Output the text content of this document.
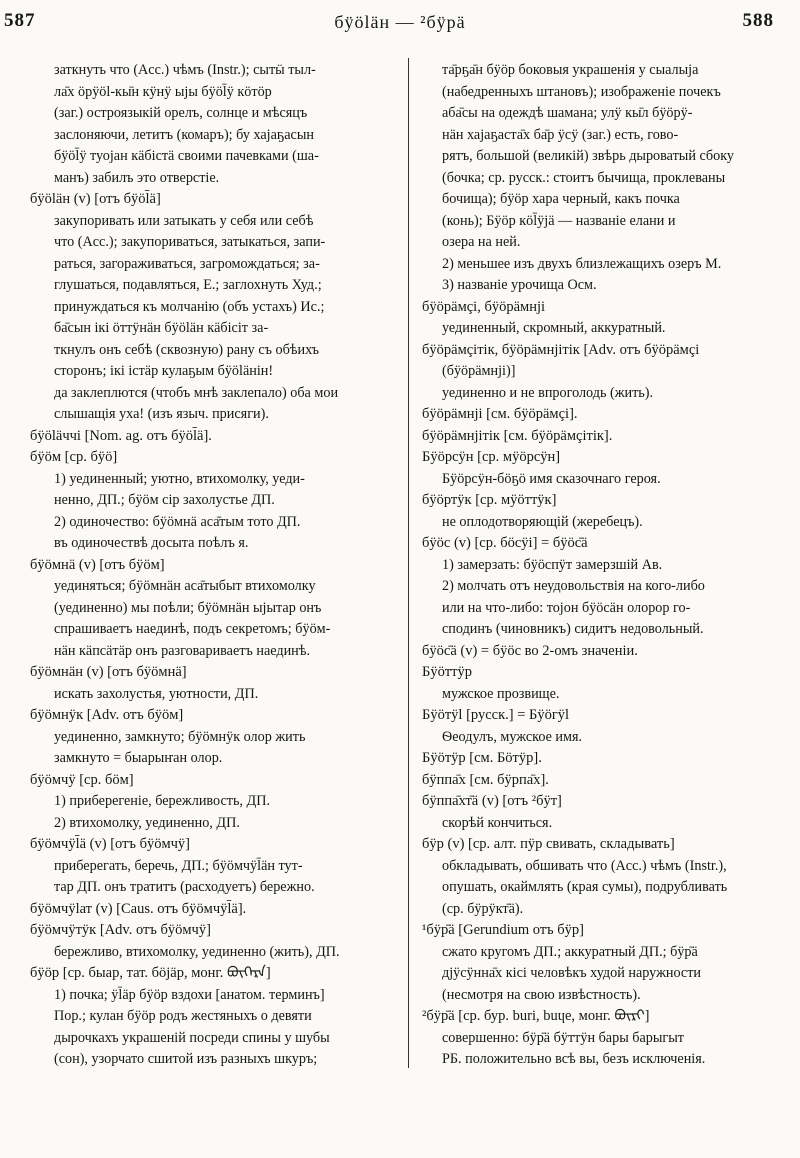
587	бӱöläн — ²бӱрä	588
заткнуть что (Acc.) чѣмъ (Instr.); сытӹ тыл-
ла̄х öрӱöl-кы̄н кӱнӱ ыjы бӱöl̄ӱ кöтöр
(заг.) остроязыкій орелъ, солнце и мѣсяцъ
заслоняючи, летитъ (комаръ); бу хаjаҕасын
бӱöl̄ӱ туоjан кäбістä своими пачевками (ша-
манъ) забилъ это отверстіе.
бӱöläн (v) [отъ бӱöl̄ä]
закупоривать или затыкать у себя или себѣ
что (Acc.); закупориваться, затыкаться, запи-
раться, загораживаться, загромождаться; за-
глушаться, подавляться, Е.; заглохнуть Худ.;
принуждаться къ молчанію (объ устахъ) Ис.;
ба̄сын ікі öттӱнäн бӱöläн кäбісіт за-
ткнулъ онъ себѣ (сквозную) рану съ обѣихъ
сторонъ; ікі істäр кулаҕым бӱöläнін!
да заклеплются (чтобъ мнѣ заклепало) оба мои
слышащія уха! (изъ языч. присяги).
бӱöläччі [Nom. ag. отъ бӱöl̄ä].
бӱöм [ср. бӱö]
1) уединенный; уютно, втихомолку, уеди-
ненно, ДП.; бӱöм сір захолустье ДП.
2) одиночество: бӱöмнä аса̄тым тото ДП.
въ одиночествѣ досыта поѣлъ я.
бӱöмнä (v) [отъ бӱöм]
уединяться; бӱöмнäн аса̄тыбыт втихомолку
(уединенно) мы поѣли; бӱöмнäн ыjытар онъ
спрашиваетъ наединѣ, подъ секретомъ; бӱöм-
нäн кäпсäтäр онъ разговариваетъ наединѣ.
бӱöмнäн (v) [отъ бӱöмнä]
искать захолустья, уютности, ДП.
бӱöмнӱк [Adv. отъ бӱöм]
уединенно, замкнуто; бӱöмнӱк олор жить
замкнуто = быарыҥан олор.
бӱöмчӱ [ср. бöм]
1) приберегеніе, бережливость, ДП.
2) втихомолку, уединенно, ДП.
бӱöмчӱl̄ä (v) [отъ бӱöмчӱ]
приберегать, беречь, ДП.; бӱöмчӱl̄äн тут-
тар ДП. онъ тратитъ (расходуетъ) бережно.
бӱöмчӱlат (v) [Caus. отъ бӱöмчӱl̄ä].
бӱöмчӱтӱк [Adv. отъ бӱöмчӱ]
бережливо, втихомолку, уединенно (жить), ДП.
бӱöр [ср. быар, тат. бöjӓр, монг. ᠪᠦᠭᠡᠷᠡ]
1) почка; ӱl̄äр бӱöр вздохи [анатом. терминъ]
Пор.; кулан бӱöр родъ жестяныхъ о девяти
дырочкахъ украшеній посреди спины у шубы
(сон), узорчато сшитой изъ разныхъ шкуръ;
та̄рҕа̄н бӱöр боковыя украшенія у сыалыjа
(набедренныхъ штановъ); изображеніе почекъ
аба̄сы на одеждѣ шамана; улӱ кы̄л бӱöрӱ-
нäн хаjаҕаста̄х ба̄р ӱсӱ (заг.) есть, гово-
рятъ, большой (великій) звѣрь дыроватый сбоку
(бочка; ср. русск.: стоитъ бычища, проклеваны
бочища); бӱöр хара черный, какъ почка
(конь); Бӱöр кöl̄ӱjä — названіе елани и
озера на ней.
2) меньшее изъ двухъ близлежащихъ озеръ М.
3) названіе урочища Осм.
бӱöрäмçі, бӱöрäмнjі
уединенный, скромный, аккуратный.
бӱöрäмçітік, бӱöрäмнjітік [Adv. отъ бӱöрäмçі
(бӱöрäмнjі)]
уединенно и не впроголодь (жить).
бӱöрäмнjі [см. бӱöрäмçі].
бӱöрäмнjітік [см. бӱöрäмçітік].
Бӱöрсӱн [ср. мӱöрсӱн]
Бӱöрсӱн-бöҕö имя сказочнаго героя.
бӱöртӱк [ср. мӱöттӱк]
не оплодотворяющій (жеребецъ).
бӱöс (v) [ср. бöсӱі] = бӱöс̄ä
1) замерзать: бӱöспӱт замерзшій Ав.
2) молчать отъ неудовольствія на кого-либо
или на что-либо: тоjон бӱöсäн олорор го-
сподинъ (чиновникъ) сидитъ недовольный.
бӱöс̄ä (v) = бӱöс во 2-омъ значеніи.
Бӱöттӱр
мужское прозвище.
Бӱöтӱl [русск.] = Бӱöгӱl
Ѳеодулъ, мужское имя.
Бӱöтӱр [см. Бöтӱр].
бӱппа̄х [см. бӱрпа̄х].
бӱппа̄хт̄ä (v) [отъ ²бӱт]
скорѣй кончиться.
бӱр (v) [ср. алт. пӱр свивать, складывать]
обкладывать, обшивать что (Acc.) чѣмъ (Instr.),
опушать, окаймлять (края сумы), подрубливать
(ср. бӱрӱкт̄ä).
¹бӱр̄ä [Gerundium отъ бӱр]
сжато кругомъ ДП.; аккуратный ДП.; бӱр̄ä
дjӱсӱнна̄х кісі человѣкъ худой наружности
(несмотря на свою извѣстность).
²бӱр̄ä [ср. бур. buri, buɥe, монг. ᠪᠦᠷᠢ]
совершенно: бӱр̄ä бӱттӱн бары барыгыт
РБ. положительно всѣ вы, безъ исключенія.
